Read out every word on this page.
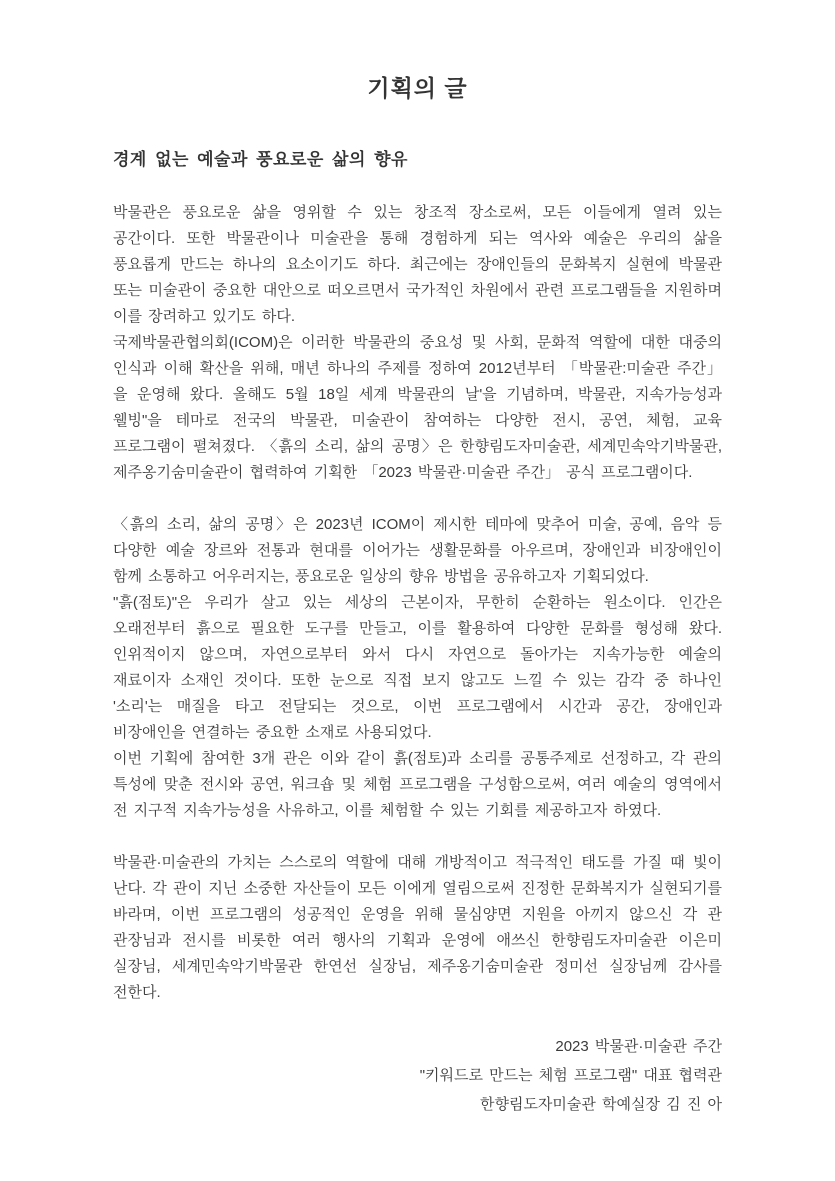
기획의 글
경계 없는 예술과 풍요로운 삶의 향유

박물관은 풍요로운 삶을 영위할 수 있는 창조적 장소로써, 모든 이들에게 열려 있는 공간이다. 또한 박물관이나 미술관을 통해 경험하게 되는 역사와 예술은 우리의 삶을 풍요롭게 만드는 하나의 요소이기도 하다. 최근에는 장애인들의 문화복지 실현에 박물관 또는 미술관이 중요한 대안으로 떠오르면서 국가적인 차원에서 관련 프로그램들을 지원하며 이를 장려하고 있기도 하다.

국제박물관협의회(ICOM)은 이러한 박물관의 중요성 및 사회, 문화적 역할에 대한 대중의 인식과 이해 확산을 위해, 매년 하나의 주제를 정하여 2012년부터 「박물관:미술관 주간」을 운영해 왔다. 올해도 5월 18일 세계 박물관의 날'을 기념하며, 박물관, 지속가능성과 웰빙"을 테마로 전국의 박물관, 미술관이 참여하는 다양한 전시, 공연, 체험, 교육 프로그램이 펼쳐졌다. 〈흙의 소리, 삶의 공명〉은 한향림도자미술관, 세계민속악기박물관, 제주옹기숨미술관이 협력하여 기획한 「2023 박물관·미술관 주간」 공식 프로그램이다.

〈흙의 소리, 삶의 공명〉은 2023년 ICOM이 제시한 테마에 맞추어 미술, 공예, 음악 등 다양한 예술 장르와 전통과 현대를 이어가는 생활문화를 아우르며, 장애인과 비장애인이 함께 소통하고 어우러지는, 풍요로운 일상의 향유 방법을 공유하고자 기획되었다.

"흙(점토)"은 우리가 살고 있는 세상의 근본이자, 무한히 순환하는 원소이다. 인간은 오래전부터 흙으로 필요한 도구를 만들고, 이를 활용하여 다양한 문화를 형성해 왔다. 인위적이지 않으며, 자연으로부터 와서 다시 자연으로 돌아가는 지속가능한 예술의 재료이자 소재인 것이다. 또한 눈으로 직접 보지 않고도 느낄 수 있는 감각 중 하나인 '소리'는 매질을 타고 전달되는 것으로, 이번 프로그램에서 시간과 공간, 장애인과 비장애인을 연결하는 중요한 소재로 사용되었다.

이번 기획에 참여한 3개 관은 이와 같이 흙(점토)과 소리를 공통주제로 선정하고, 각 관의 특성에 맞춘 전시와 공연, 워크숍 및 체험 프로그램을 구성함으로써, 여러 예술의 영역에서 전 지구적 지속가능성을 사유하고, 이를 체험할 수 있는 기회를 제공하고자 하였다.

박물관·미술관의 가치는 스스로의 역할에 대해 개방적이고 적극적인 태도를 가질 때 빛이 난다. 각 관이 지닌 소중한 자산들이 모든 이에게 열림으로써 진정한 문화복지가 실현되기를 바라며, 이번 프로그램의 성공적인 운영을 위해 물심양면 지원을 아끼지 않으신 각 관 관장님과 전시를 비롯한 여러 행사의 기획과 운영에 애쓰신 한향림도자미술관 이은미 실장님, 세계민속악기박물관 한연선 실장님, 제주옹기숨미술관 정미선 실장님께 감사를 전한다.

2023 박물관·미술관 주간
"키워드로 만드는 체험 프로그램" 대표 협력관
한향림도자미술관 학예실장 김 진 아
